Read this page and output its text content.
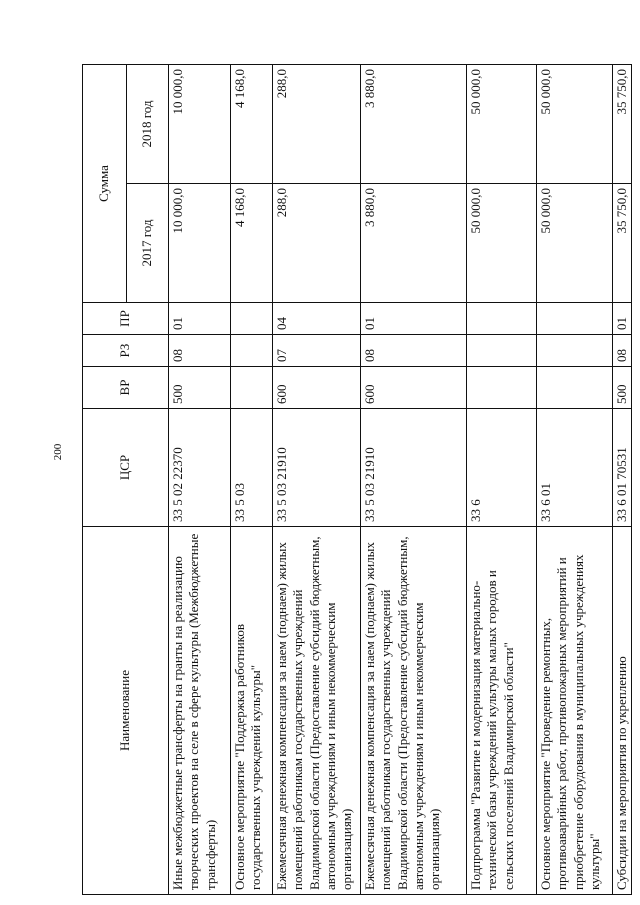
200
Наименование	ЦСР	ВР	РЗ	ПР	Сумма	
					2017 год	2018 год
Иные межбюджетные трансферты на гранты на реализацию творческих проектов на селе в сфере культуры (Межбюджетные трансферты)	33 5 02 22370	500	08	01	10 000,0	10 000,0
Основное мероприятие "Поддержка работников государственных учреждений культуры"	33 5 03				4 168,0	4 168,0
Ежемесячная денежная компенсация за наем (поднаем) жилых помещений работникам государственных учреждений Владимирской области (Предоставление субсидий бюджетным, автономным учреждениям и иным некоммерческим организациям)	33 5 03 21910	600	07	04	288,0	288,0
Ежемесячная денежная компенсация за наем (поднаем) жилых помещений работникам государственных учреждений Владимирской области (Предоставление субсидий бюджетным, автономным учреждениям и иным некоммерческим организациям)	33 5 03 21910	600	08	01	3 880,0	3 880,0
Подпрограмма "Развитие и модернизация материально-технической базы учреждений культуры малых городов и сельских поселений Владимирской области"	33 6				50 000,0	50 000,0
Основное мероприятие "Проведение ремонтных, противоаварийных работ, противопожарных мероприятий и приобретение оборудования в муниципальных учреждениях культуры"	33 6 01				50 000,0	50 000,0
Субсидии на мероприятия по укреплению	33 6 01 70531	500	08	01	35 750,0	35 750,0
